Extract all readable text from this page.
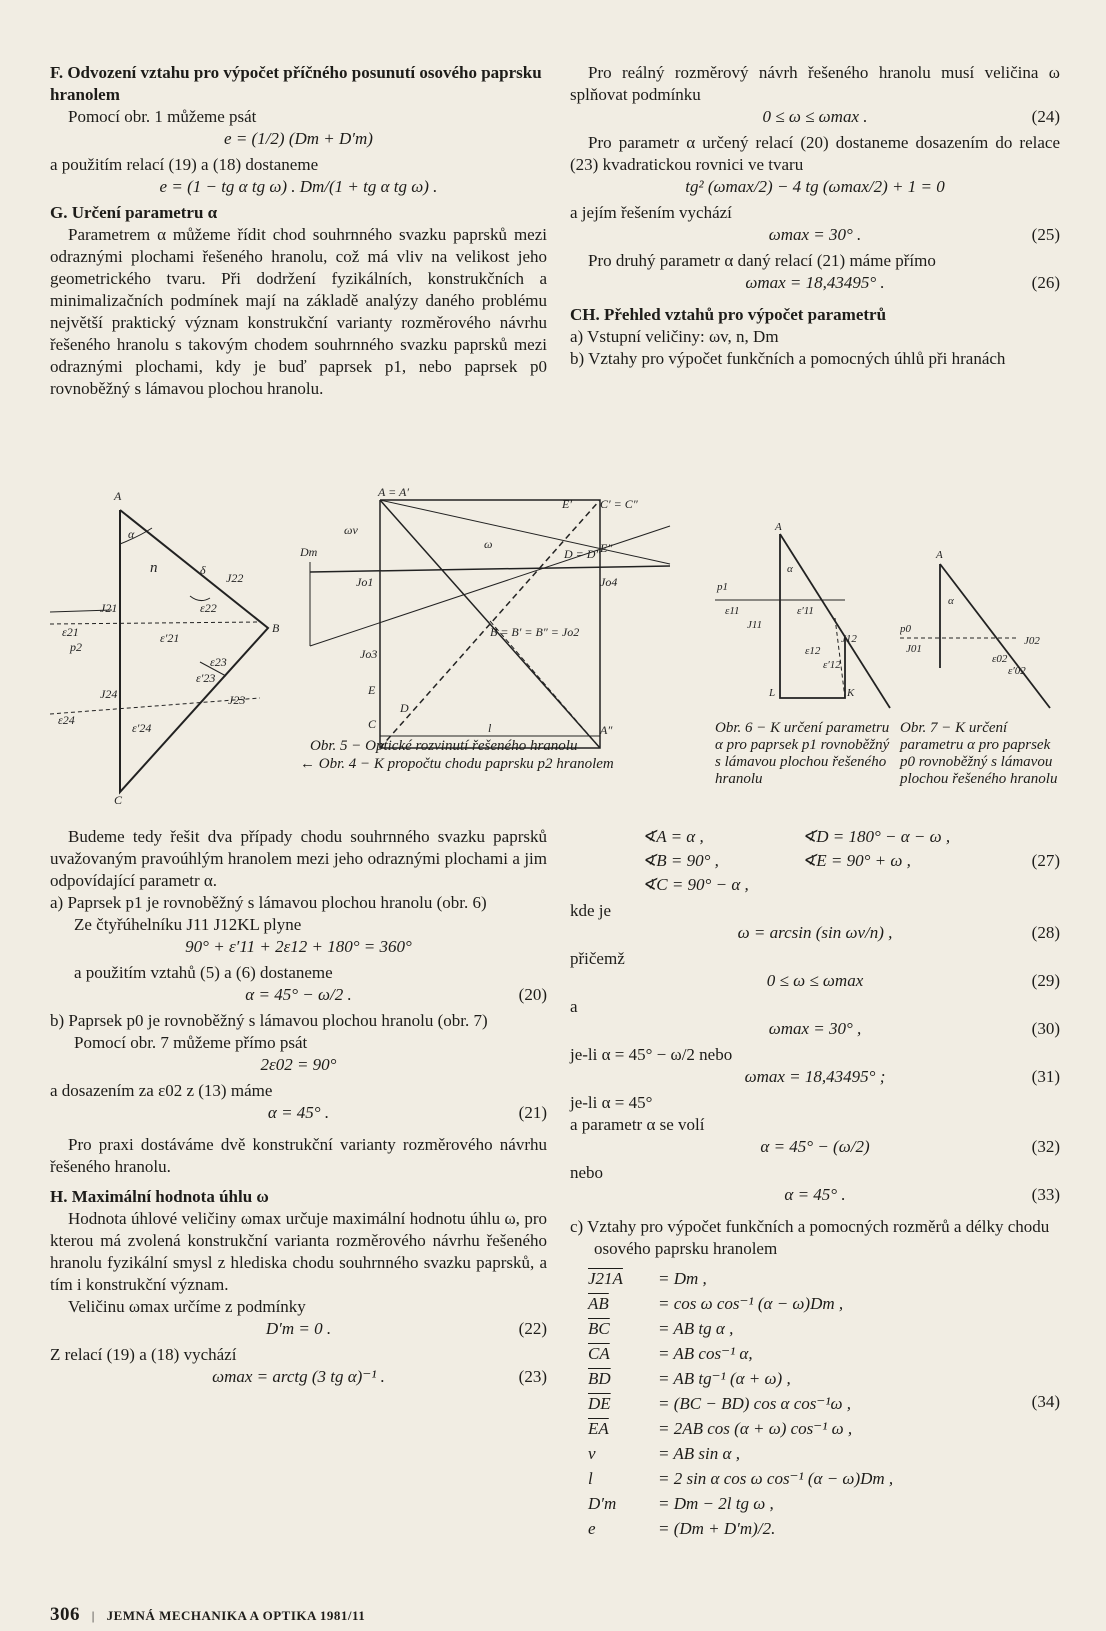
F. Odvození vztahu pro výpočet příčného posunutí osového paprsku hranolem

Pomocí obr. 1 můžeme psát

e = (1/2) (Dm + D′m)

a použitím relací (19) a (18) dostaneme

e = (1 − tg α tg ω) . Dm/(1 + tg α tg ω) .
G. Určení parametru α

Parametrem α můžeme řídit chod souhrnného svazku paprsků mezi odraznými plochami řešeného hranolu, což má vliv na velikost jeho geometrického tvaru. Při dodržení fyzikálních, konstrukčních a minimalizačních podmínek mají na základě analýzy daného problému největší praktický význam konstrukční varianty rozměrového návrhu řešeného hranolu s takovým chodem souhrnného svazku paprsků mezi odraznými plochami, kdy je buď paprsek p1, nebo paprsek p0 rovnoběžný s lámavou plochou hranolu.

Pro reálný rozměrový návrh řešeného hranolu musí veličina ω splňovat podmínku

0 ≤ ω ≤ ωmax .	(24)

Pro parametr α určený relací (20) dostaneme dosazením do relace (23) kvadratickou rovnici ve tvaru

tg² (ωmax/2) − 4 tg (ωmax/2) + 1 = 0

a jejím řešením vychází

ωmax = 30° .	(25)

Pro druhý parametr α daný relací (21) máme přímo

ωmax = 18,43495° .	(26)
CH. Přehled vztahů pro výpočet parametrů

a) Vstupní veličiny: ωv, n, Dm

b) Vztahy pro výpočet funkčních a pomocných úhlů při hranách

A
α
n	δ
J22
B
J21
ε21
p2
ε′21
ε22
ε23
ε′23
J23
J24
ε24
ε′24
C
A = A′
E′ C′ = C″
E″
ωv
ω
D = D″
Dm
Jo1	Jo4
B = B′ = B″ = Jo2
Jo3
E
D
C	A″
l
Obr. 5 − Optické rozvinutí řešeného hranolu
← Obr. 4 − K propočtu chodu paprsku p2 hranolem
A
α
p1
ε11
J11
ε′11
J12
ε12
ε′12
L	K
Obr. 6 − K určení parametru α pro paprsek p1 rovnoběžný s lámavou plochou řešeného hranolu
A
α
p0
J01
J02
ε02
ε′02
Obr. 7 − K určení parametru α pro paprsek p0 rovnoběžný s lámavou plochou řešeného hranolu

Budeme tedy řešit dva případy chodu souhrnného svazku paprsků uvažovaným pravoúhlým hranolem mezi jeho odraznými plochami a jim odpovídající parametr α.

a) Paprsek p1 je rovnoběžný s lámavou plochou hranolu (obr. 6)

Ze čtyřúhelníku J11 J12KL plyne

90° + ε′11 + 2ε12 + 180° = 360°

a použitím vztahů (5) a (6) dostaneme

α = 45° − ω/2 .	(20)

b) Paprsek p0 je rovnoběžný s lámavou plochou hranolu (obr. 7)

Pomocí obr. 7 můžeme přímo psát

2ε02 = 90°

a dosazením za ε02 z (13) máme

α = 45° .	(21)

Pro praxi dostáváme dvě konstrukční varianty rozměrového návrhu řešeného hranolu.

H. Maximální hodnota úhlu ω

Hodnota úhlové veličiny ωmax určuje maximální hodnotu úhlu ω, pro kterou má zvolená konstrukční varianta rozměrového návrhu řešeného hranolu fyzikální smysl z hlediska chodu souhrnného svazku paprsků, a tím i konstrukční význam.

Veličinu ωmax určíme z podmínky

D′m = 0 .	(22)

Z relací (19) a (18) vychází

ωmax = arctg (3 tg α)⁻¹ .	(23)
∢A = α ,	∢D = 180° − α − ω ,
∢B = 90° ,	∢E = 90° + ω ,	(27)
∢C = 90° − α ,

kde je

ω = arcsin (sin ωv/n) ,	(28)

přičemž

0 ≤ ω ≤ ωmax	(29)

a

ωmax = 30° ,	(30)

je-li α = 45° − ω/2 nebo

ωmax = 18,43495° ;	(31)

je-li α = 45°

a parametr α se volí

α = 45° − (ω/2)	(32)

nebo

α = 45° .	(33)

c) Vztahy pro výpočet funkčních a pomocných rozměrů a délky chodu osového paprsku hranolem

J21A	= Dm ,
$\overline{AB}$	= cos ω cos⁻¹ (α − ω)Dm ,
$\overline{BC}$	= AB tg α ,
$\overline{CA}$	= AB cos⁻¹ α,
$\overline{BD}$	= AB tg⁻¹ (α + ω) ,
$\overline{DE}$	= (BC − BD) cos α cos⁻¹ω ,
$\overline{EA}$	= 2AB cos (α + ω) cos⁻¹ ω ,
v	= AB sin α ,
l	= 2 sin α cos ω cos⁻¹ (α − ω)Dm ,
D′m	= Dm − 2l tg ω ,
e	= (Dm + D′m)/2.
(34)
306 | JEMNÁ MECHANIKA A OPTIKA 1981/11
